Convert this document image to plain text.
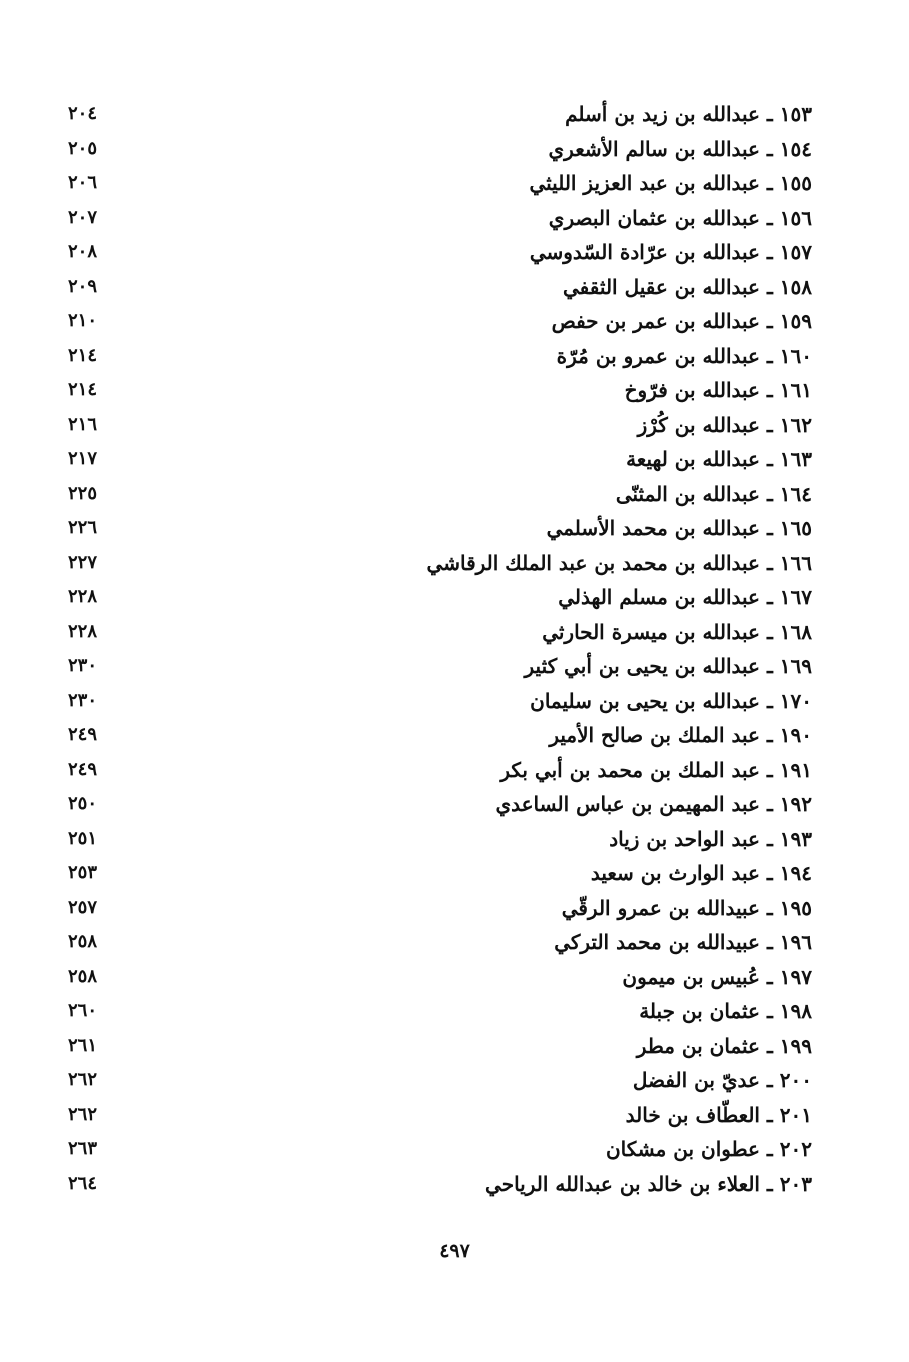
١٥٣ ـ عبدالله بن زيد بن أسلم
٢٠٤
١٥٤ ـ عبدالله بن سالم الأشعري
٢٠٥
١٥٥ ـ عبدالله بن عبد العزيز الليثي
٢٠٦
١٥٦ ـ عبدالله بن عثمان البصري
٢٠٧
١٥٧ ـ عبدالله بن عرّادة السّدوسي
٢٠٨
١٥٨ ـ عبدالله بن عقيل الثقفي
٢٠٩
١٥٩ ـ عبدالله بن عمر بن حفص
٢١٠
١٦٠ ـ عبدالله بن عمرو بن مُرّة
٢١٤
١٦١ ـ عبدالله بن فرّوخ
٢١٤
١٦٢ ـ عبدالله بن كُرْز
٢١٦
١٦٣ ـ عبدالله بن لهيعة
٢١٧
١٦٤ ـ عبدالله بن المثنّى
٢٢٥
١٦٥ ـ عبدالله بن محمد الأسلمي
٢٢٦
١٦٦ ـ عبدالله بن محمد بن عبد الملك الرقاشي
٢٢٧
١٦٧ ـ عبدالله بن مسلم الهذلي
٢٢٨
١٦٨ ـ عبدالله بن ميسرة الحارثي
٢٢٨
١٦٩ ـ عبدالله بن يحيى بن أبي كثير
٢٣٠
١٧٠ ـ عبدالله بن يحيى بن سليمان
٢٣٠
١٩٠ ـ عبد الملك بن صالح الأمير
٢٤٩
١٩١ ـ عبد الملك بن محمد بن أبي بكر
٢٤٩
١٩٢ ـ عبد المهيمن بن عباس الساعدي
٢٥٠
١٩٣ ـ عبد الواحد بن زياد
٢٥١
١٩٤ ـ عبد الوارث بن سعيد
٢٥٣
١٩٥ ـ عبيدالله بن عمرو الرقّي
٢٥٧
١٩٦ ـ عبيدالله بن محمد التركي
٢٥٨
١٩٧ ـ عُبيس بن ميمون
٢٥٨
١٩٨ ـ عثمان بن جبلة
٢٦٠
١٩٩ ـ عثمان بن مطر
٢٦١
٢٠٠ ـ عديّ بن الفضل
٢٦٢
٢٠١ ـ العطّاف بن خالد
٢٦٢
٢٠٢ ـ عطوان بن مشكان
٢٦٣
٢٠٣ ـ العلاء بن خالد بن عبدالله الرياحي
٢٦٤
٤٩٧
